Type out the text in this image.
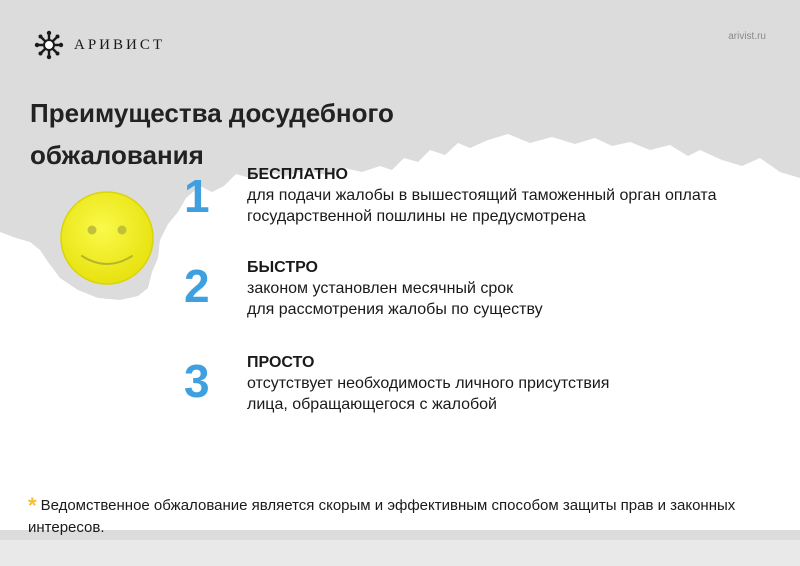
АРИВИСТ	arivist.ru
Преимущества досудебного обжалования
1 БЕСПЛАТНО
для подачи жалобы в вышестоящий таможенный орган оплата государственной пошлины не предусмотрена
2 БЫСТРО
законом установлен месячный срок
для рассмотрения жалобы по существу
3 ПРОСТО
отсутствует необходимость личного присутствия
лица, обращающегося с жалобой
* Ведомственное обжалование является скорым и эффективным способом защиты прав и законных интересов.
